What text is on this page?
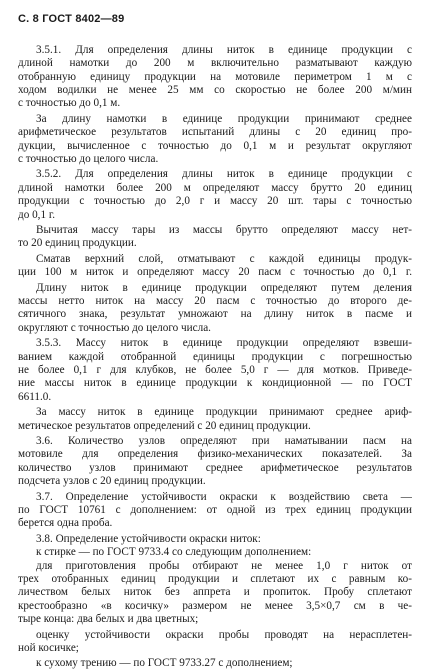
С. 8 ГОСТ 8402—89
3.5.1. Для определения длины ниток в единице продукции с
длиной намотки до 200 м включительно разматывают каждую
отобранную единицу продукции на мотовиле периметром 1 м с
ходом водилки не менее 25 мм со скоростью не более 200 м/мин
с точностью до 0,1 м.
За длину намотки в единице продукции принимают среднее
арифметическое результатов испытаний длины с 20 единиц про-
дукции, вычисленное с точностью до 0,1 м и результат округляют
с точностью до целого числа.
3.5.2. Для определения длины ниток в единице продукции с
длиной намотки более 200 м определяют массу брутто 20 единиц
продукции с точностью до 2,0 г и массу 20 шт. тары с точностью
до 0,1 г.
Вычитая массу тары из массы брутто определяют массу нет-
то 20 единиц продукции.
Сматав верхний слой, отматывают с каждой единицы продук-
ции 100 м ниток и определяют массу 20 пасм с точностью до 0,1 г.
Длину ниток в единице продукции определяют путем деления
массы нетто ниток на массу 20 пасм с точностью до второго де-
сятичного знака, результат умножают на длину ниток в пасме и
округляют с точностью до целого числа.
3.5.3. Массу ниток в единице продукции определяют взвеши-
ванием каждой отобранной единицы продукции с погрешностью
не более 0,1 г для клубков, не более 5,0 г — для мотков. Приведе-
ние массы ниток в единице продукции к кондиционной — по ГОСТ
6611.0.
За массу ниток в единице продукции принимают среднее ариф-
метическое результатов определений с 20 единиц продукции.
3.6. Количество узлов определяют при наматывании пасм на
мотовиле для определения физико-механических показателей. За
количество узлов принимают среднее арифметическое результатов
подсчета узлов с 20 единиц продукции.
3.7. Определение устойчивости окраски к воздействию света —
по ГОСТ 10761 с дополнением: от одной из трех единиц продукции
берется одна проба.
3.8. Определение устойчивости окраски ниток:
к стирке — по ГОСТ 9733.4 со следующим дополнением:
для приготовления пробы отбирают не менее 1,0 г ниток от
трех отобранных единиц продукции и сплетают их с равным ко-
личеством белых ниток без аппрета и пропиток. Пробу сплетают
крестообразно «в косичку» размером не менее 3,5×0,7 см в че-
тыре конца: два белых и два цветных;
оценку устойчивости окраски пробы проводят на нерасплетен-
ной косичке;
к сухому трению — по ГОСТ 9733.27 с дополнением;
